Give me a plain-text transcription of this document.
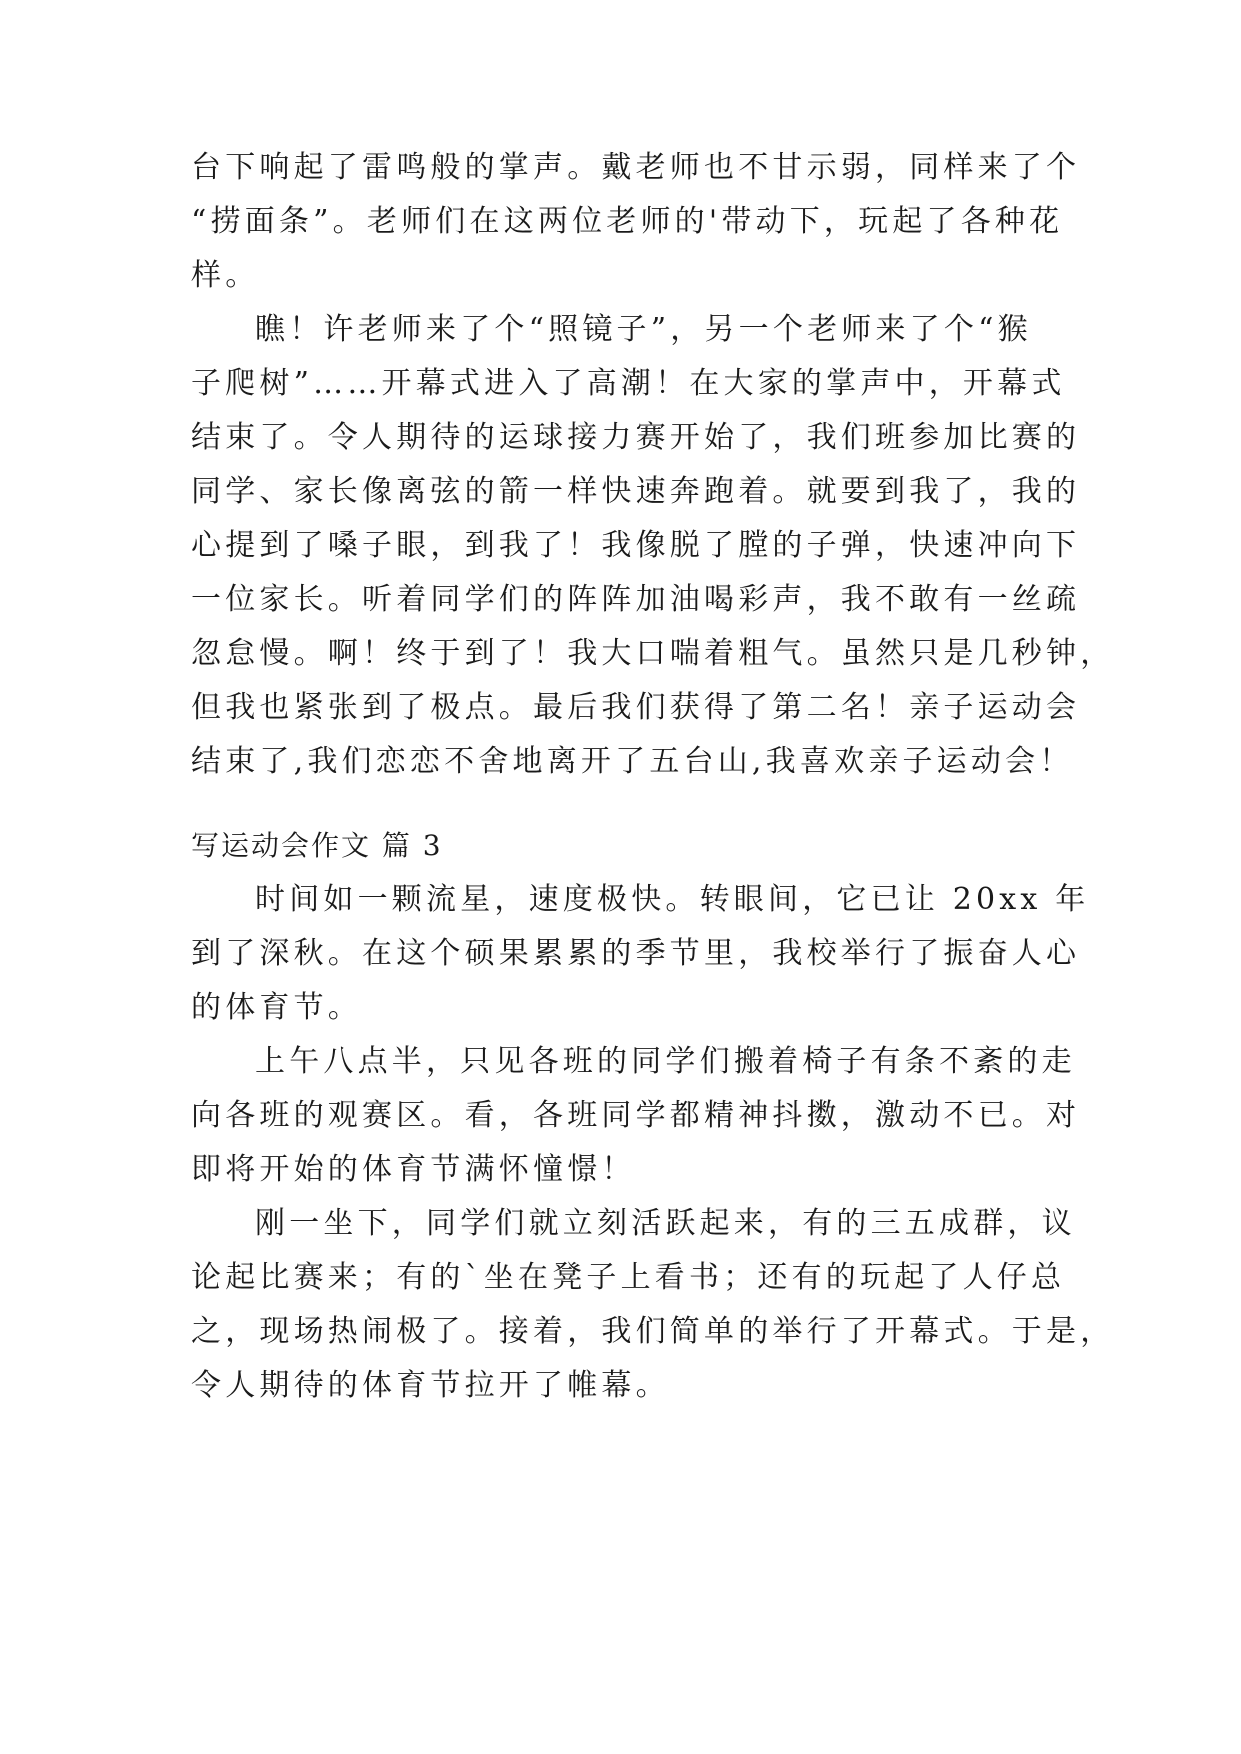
台下响起了雷鸣般的掌声。戴老师也不甘示弱，同样来了个
“捞面条”。老师们在这两位老师的'带动下，玩起了各种花
样。
瞧！许老师来了个“照镜子”，另一个老师来了个“猴
子爬树”……开幕式进入了高潮！在大家的掌声中，开幕式
结束了。令人期待的运球接力赛开始了，我们班参加比赛的
同学、家长像离弦的箭一样快速奔跑着。就要到我了，我的
心提到了嗓子眼，到我了！我像脱了膛的子弹，快速冲向下
一位家长。听着同学们的阵阵加油喝彩声，我不敢有一丝疏
忽怠慢。啊！终于到了！我大口喘着粗气。虽然只是几秒钟，
但我也紧张到了极点。最后我们获得了第二名！亲子运动会
结束了,我们恋恋不舍地离开了五台山,我喜欢亲子运动会！
写运动会作文 篇 3
时间如一颗流星，速度极快。转眼间，它已让 20xx 年
到了深秋。在这个硕果累累的季节里，我校举行了振奋人心
的体育节。
上午八点半，只见各班的同学们搬着椅子有条不紊的走
向各班的观赛区。看，各班同学都精神抖擞，激动不已。对
即将开始的体育节满怀憧憬！
刚一坐下，同学们就立刻活跃起来，有的三五成群，议
论起比赛来；有的`坐在凳子上看书；还有的玩起了人仔总
之，现场热闹极了。接着，我们简单的举行了开幕式。于是，
令人期待的体育节拉开了帷幕。
